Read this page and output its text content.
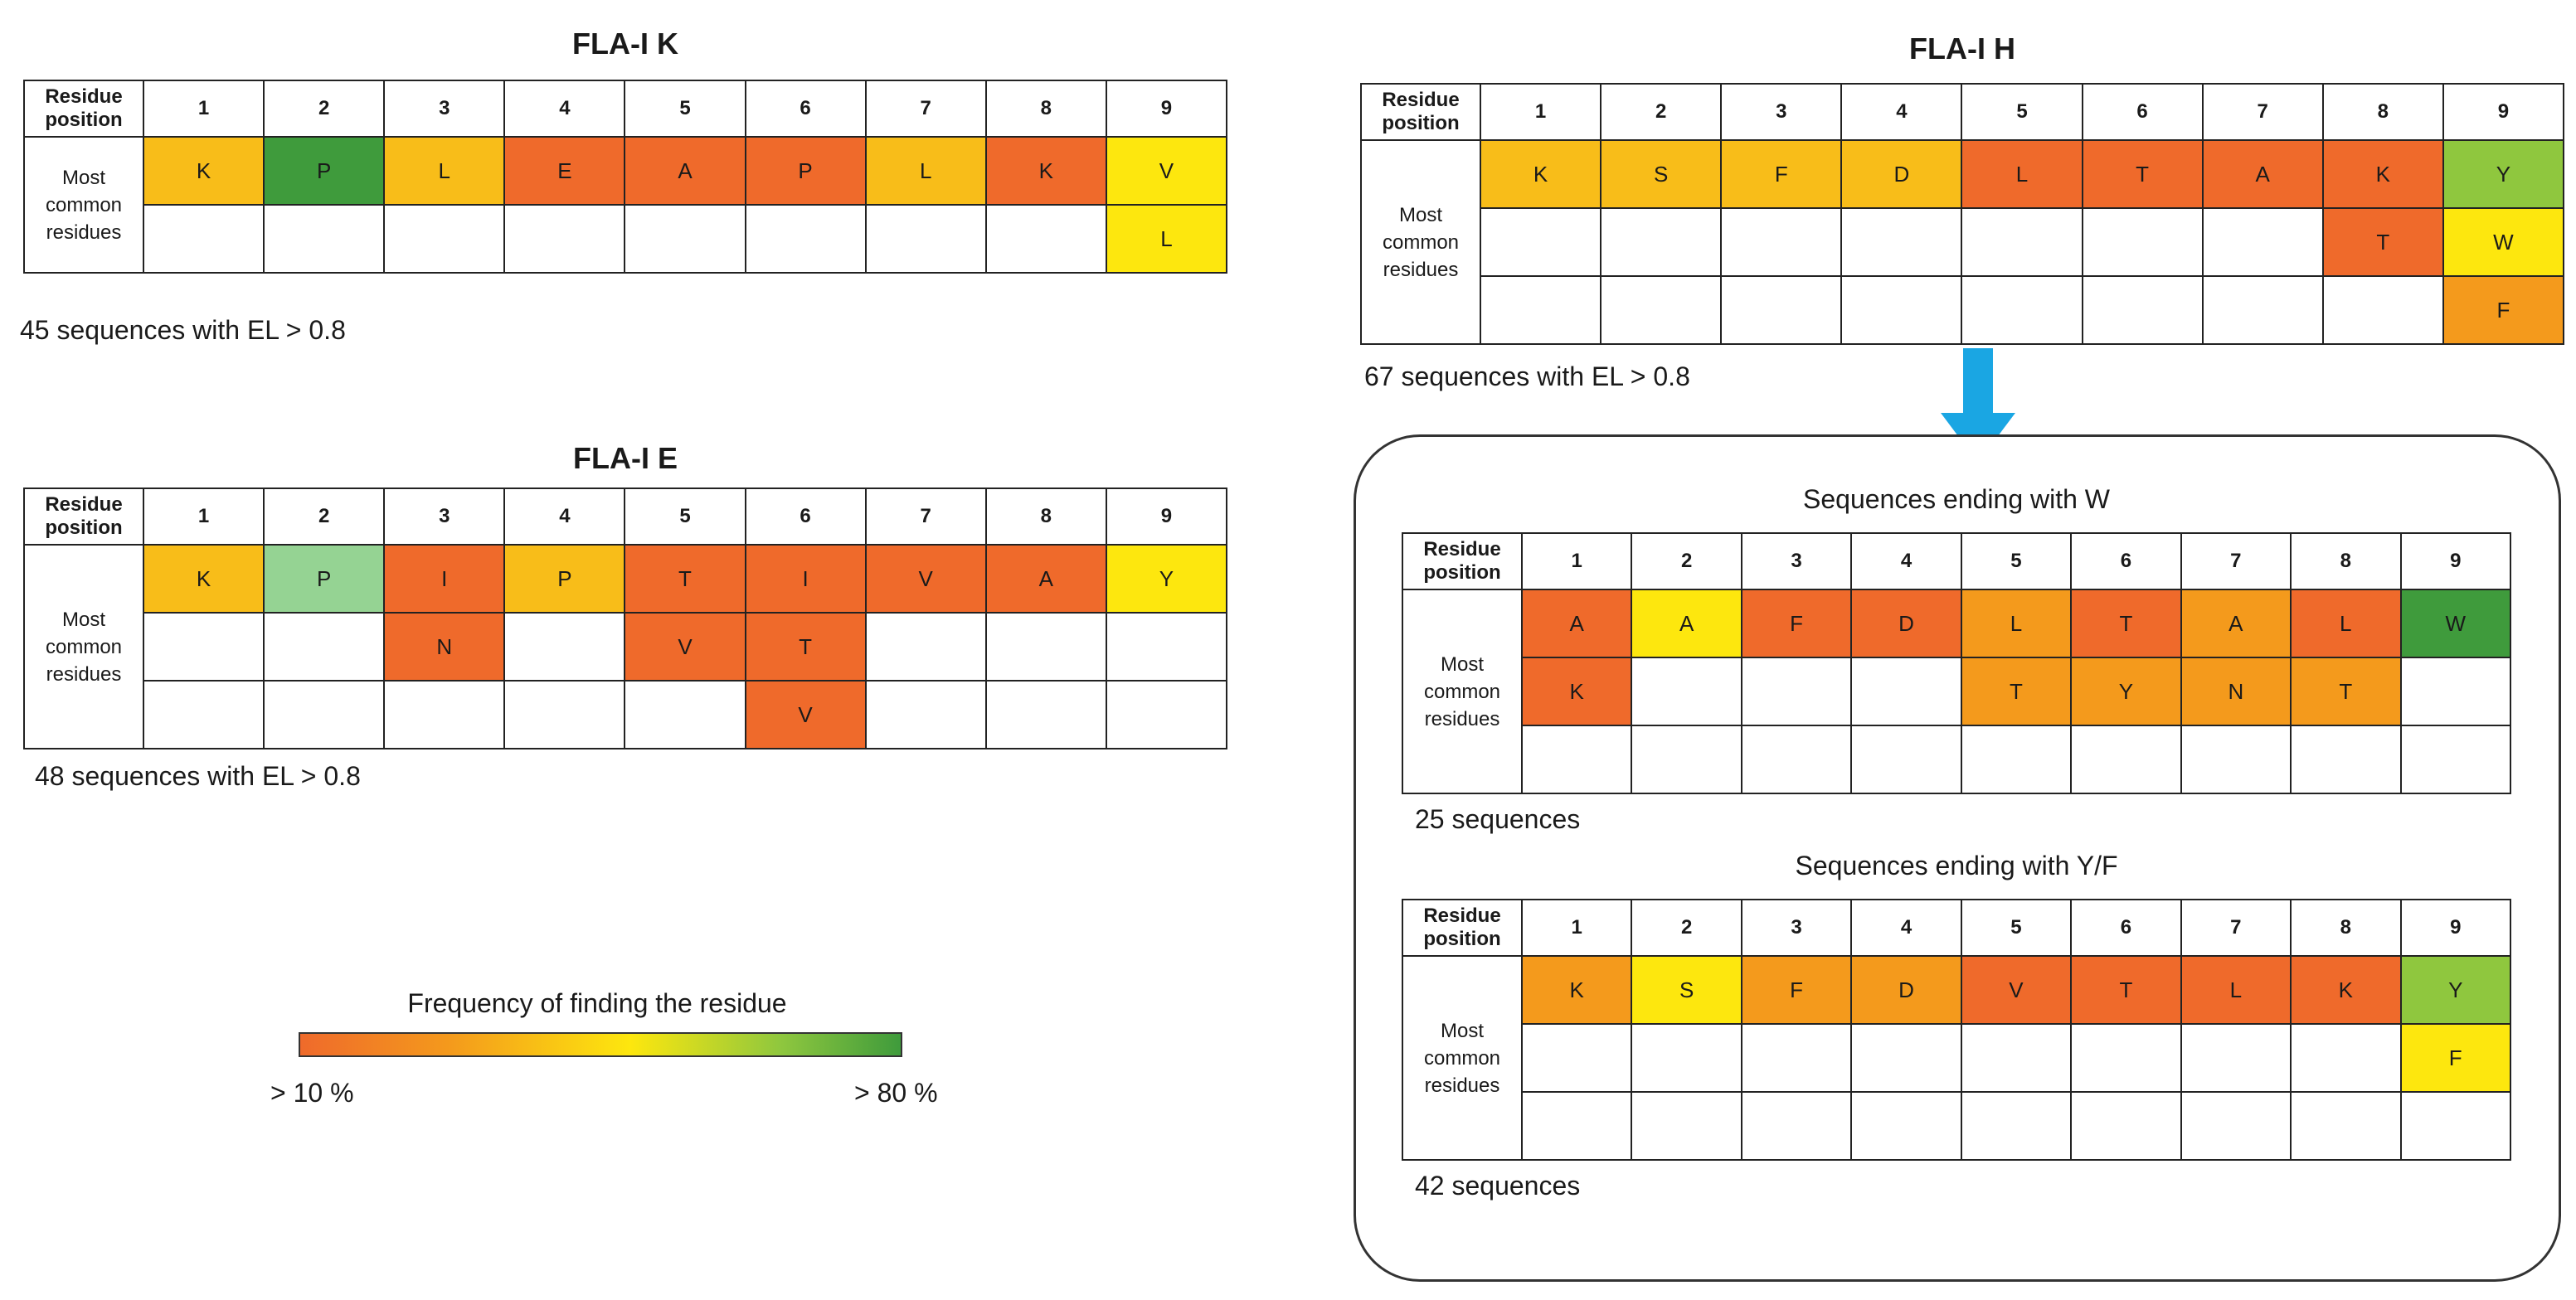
FLA-I K
Residue
position	1	2	3	4	5	6	7	8	9
Most
common
residues	K	P	L	E	A	P	L	K	V
									L
45 sequences with EL > 0.8
FLA-I E
Residue
position	1	2	3	4	5	6	7	8	9
Most
common
residues	K	P	I	P	T	I	V	A	Y
			N		V	T			
						V			
48 sequences with EL > 0.8
Frequency of finding the residue
> 10 %	> 80 %
FLA-I H
Residue
position	1	2	3	4	5	6	7	8	9
Most
common
residues	K	S	F	D	L	T	A	K	Y
								T	W
									F
67 sequences with EL > 0.8
Sequences ending with W
Residue
position	1	2	3	4	5	6	7	8	9
Most
common
residues	A	A	F	D	L	T	A	L	W
	K				T	Y	N	T	

25 sequences
Sequences ending with Y/F
Residue
position	1	2	3	4	5	6	7	8	9
Most
common
residues	K	S	F	D	V	T	L	K	Y
									F

42 sequences
